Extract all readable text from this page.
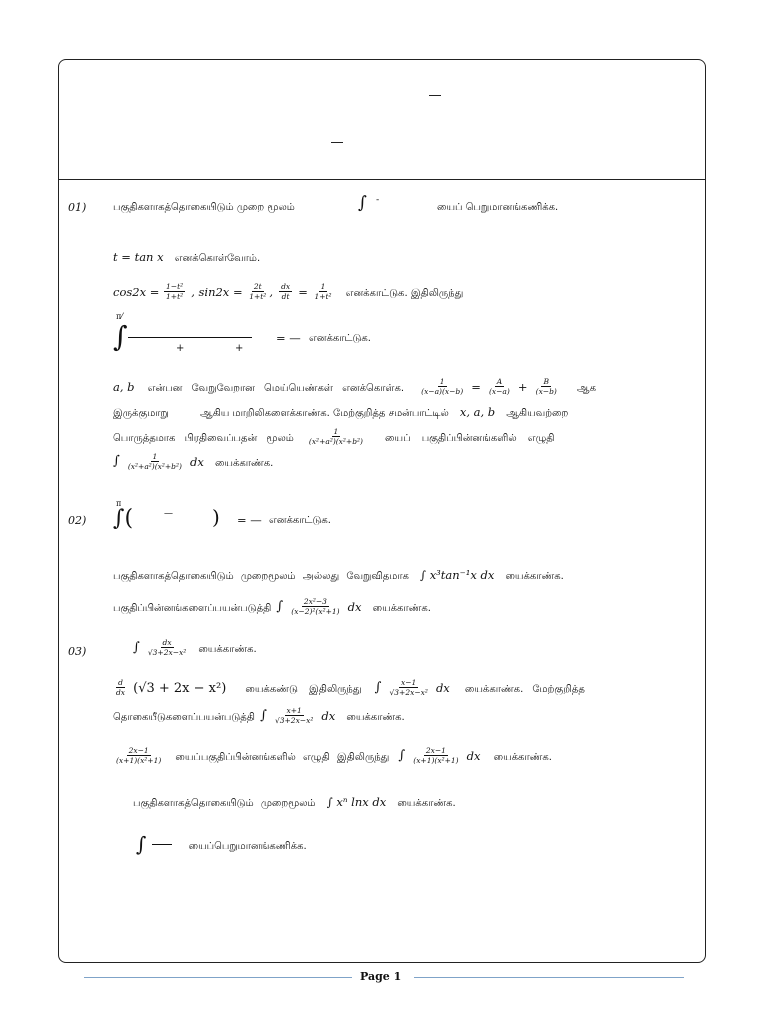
01)	பகுதிகளாகத்தொகையிடும் முறை மூலம்	∫ -
யைப் பெறுமானங்கணிக்க.
t = tan x எனக்கொள்வோம்.
$\cos 2x = \frac{\text{1−t²}}{\text{1+t²}}$ , $\sin 2x = \frac{2t}{\text{1+t²}}$ , $\frac{dx}{dt} = \frac{1}{\text{1+t²}}$ எனக்காட்டுக. இதிலிருந்து
π⁄
∫	+	+
= — எனக்காட்டுக.
a, b என்பன வேறுவேறான மெய்யெண்கள் எனக்கொள்க. $\frac{1}{(x-a)(x-b)} = \frac{A}{(x-a)} + \frac{B}{(x-b)}$ ஆக
இருக்குமாறு	ஆகிய மாறிலிகளைக்காண்க. மேற்குறித்த சமன்பாட்டில் x, a, b ஆகியவற்றை
பொருத்தமாக பிரதிவைப்பதன் மூலம் $\frac{1}{\text{(x²+a²)(x²+b²)}}$ யைப் பகுதிப்பின்னங்களில் எழுதி
∫ $\frac{1}{\text{(x²+a²)(x²+b²)}}$ dx யைக்காண்க.
02)
π
∫(	— ) = — எனக்காட்டுக.
பகுதிகளாகத்தொகையிடும் முறைமூலம் அல்லது வேறுவிதமாக ∫ x³tan⁻¹x dx யைக்காண்க.
பகுதிப்பின்னங்களைப்பயன்படுத்தி ∫ $\frac{\text{2x²−3}}{\text{(x−2)²(x²+1)}}$ dx யைக்காண்க.
03)	∫ $\frac{dx}{\text{√3+2x−x²}}$ யைக்காண்க.
$\frac{d}{dx} (√3 + 2x - x^2)$ யைக்கண்டு இதிலிருந்து ∫ $\frac{x-1}{\text{√3+2x−x²}}$ dx யைக்காண்க. மேற்குறித்த
தொகையீடுகளைப்பயன்படுத்தி ∫ $\frac{x+1}{\text{√3+2x−x²}}$ dx யைக்காண்க.
$\frac{2x-1}{\text{(x+1)(x²+1)}}$ யைப்பகுதிப்பின்னங்களில் எழுதி இதிலிருந்து ∫ $\frac{2x-1}{\text{(x+1)(x²+1)}}$ dx யைக்காண்க.
பகுதிகளாகத்தொகையிடும் முறைமூலம் ∫ xⁿ lnx dx யைக்காண்க.
∫	யைப்பெறுமானங்கணிக்க.
Page 1
